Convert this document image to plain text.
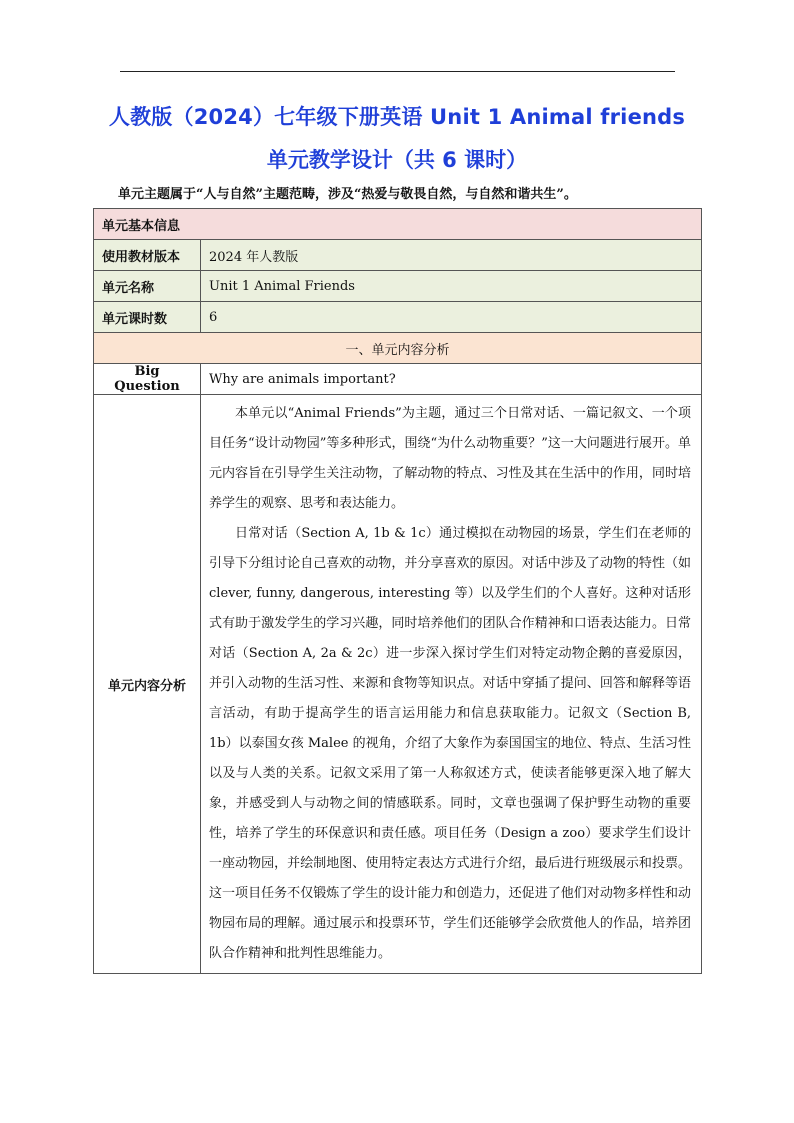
人教版（2024）七年级下册英语 Unit 1 Animal friends
单元教学设计（共 6 课时）
单元主题属于“人与自然”主题范畴，涉及“热爱与敬畏自然，与自然和谐共生”。
单元基本信息	
使用教材版本	2024 年人教版
单元名称	Unit 1 Animal Friends
单元课时数	6
一、单元内容分析	
Big Question	Why are animals important?
单元内容分析	本单元以“Animal Friends”为主题，通过三个日常对话、一篇记叙文、一个项目任务“设计动物园”等多种形式，围绕“为什么动物重要？”这一大问题进行展开。单元内容旨在引导学生关注动物，了解动物的特点、习性及其在生活中的作用，同时培养学生的观察、思考和表达能力。

日常对话（Section A, 1b & 1c）通过模拟在动物园的场景，学生们在老师的引导下分组讨论自己喜欢的动物，并分享喜欢的原因。对话中涉及了动物的特性（如 clever, funny, dangerous, interesting 等）以及学生们的个人喜好。这种对话形式有助于激发学生的学习兴趣，同时培养他们的团队合作精神和口语表达能力。日常对话（Section A, 2a & 2c）进一步深入探讨学生们对特定动物企鹅的喜爱原因，并引入动物的生活习性、来源和食物等知识点。对话中穿插了提问、回答和解释等语言活动，有助于提高学生的语言运用能力和信息获取能力。记叙文（Section B, 1b）以泰国女孩 Malee 的视角，介绍了大象作为泰国国宝的地位、特点、生活习性以及与人类的关系。记叙文采用了第一人称叙述方式，使读者能够更深入地了解大象，并感受到人与动物之间的情感联系。同时，文章也强调了保护野生动物的重要性，培养了学生的环保意识和责任感。项目任务（Design a zoo）要求学生们设计一座动物园，并绘制地图、使用特定表达方式进行介绍，最后进行班级展示和投票。这一项目任务不仅锻炼了学生的设计能力和创造力，还促进了他们对动物多样性和动物园布局的理解。通过展示和投票环节，学生们还能够学会欣赏他人的作品，培养团队合作精神和批判性思维能力。
